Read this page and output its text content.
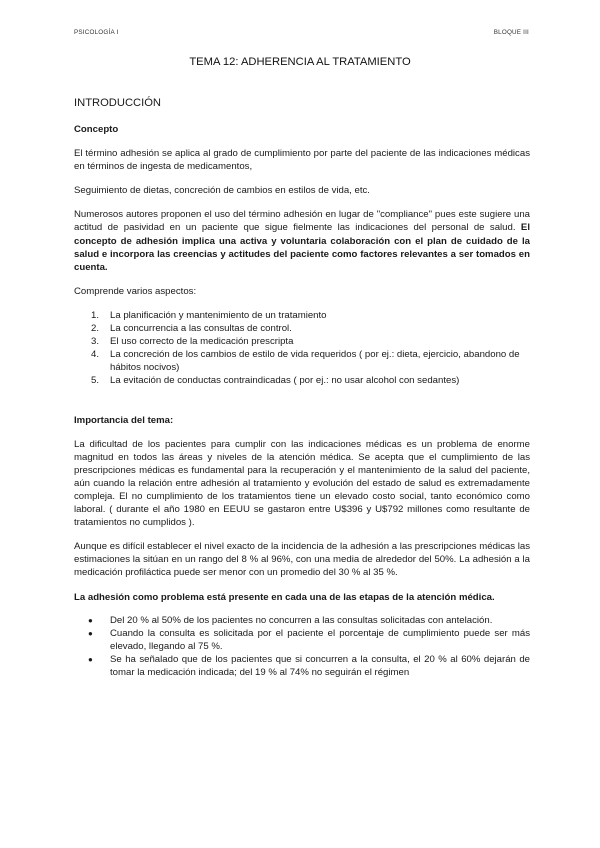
PSICOLOGÍA I	BLOQUE III
TEMA 12: ADHERENCIA AL TRATAMIENTO
INTRODUCCIÓN
Concepto

El término adhesión se aplica al grado de cumplimiento por parte del paciente de las indicaciones médicas en términos de ingesta de medicamentos,

Seguimiento de dietas, concreción de cambios en estilos de vida, etc.

Numerosos autores proponen el uso del término adhesión en lugar de "compliance" pues este sugiere una actitud de pasividad en un paciente que sigue fielmente las indicaciones del personal de salud. El concepto de adhesión implica una activa y voluntaria colaboración con el plan de cuidado de la salud e incorpora las creencias y actitudes del paciente como factores relevantes a ser tomados en cuenta.

Comprende varios aspectos:

1. La planificación y mantenimiento de un tratamiento
2. La concurrencia a las consultas de control.
3. El uso correcto de la medicación prescripta
4. La concreción de los cambios de estilo de vida requeridos ( por ej.: dieta, ejercicio, abandono de hábitos nocivos)
5. La evitación de conductas contraindicadas ( por ej.: no usar alcohol con sedantes)
Importancia del tema:

La dificultad de los pacientes para cumplir con las indicaciones médicas es un problema de enorme magnitud en todos las áreas y niveles de la atención médica. Se acepta que el cumplimiento de las prescripciones médicas es fundamental para la recuperación y el mantenimiento de la salud del paciente, aún cuando la relación entre adhesión al tratamiento y evolución del estado de salud es extremadamente compleja. El no cumplimiento de los tratamientos tiene un elevado costo social, tanto económico como laboral. ( durante el año 1980 en EEUU se gastaron entre U$396 y U$792 millones como resultante de tratamientos no cumplidos ).

Aunque es difícil establecer el nivel exacto de la incidencia de la adhesión a las prescripciones médicas las estimaciones la sitúan en un rango del 8 % al 96%, con una media de alrededor del 50%. La adhesión a la medicación profiláctica puede ser menor con un promedio del 30 % al 35 %.

La adhesión como problema está presente en cada una de las etapas de la atención médica.

● Del 20 % al 50% de los pacientes no concurren a las consultas solicitadas con antelación.
● Cuando la consulta es solicitada por el paciente el porcentaje de cumplimiento puede ser más elevado, llegando al 75 %.
● Se ha señalado que de los pacientes que si concurren a la consulta, el 20 % al 60% dejarán de tomar la medicación indicada; del 19 % al 74% no seguirán el régimen
